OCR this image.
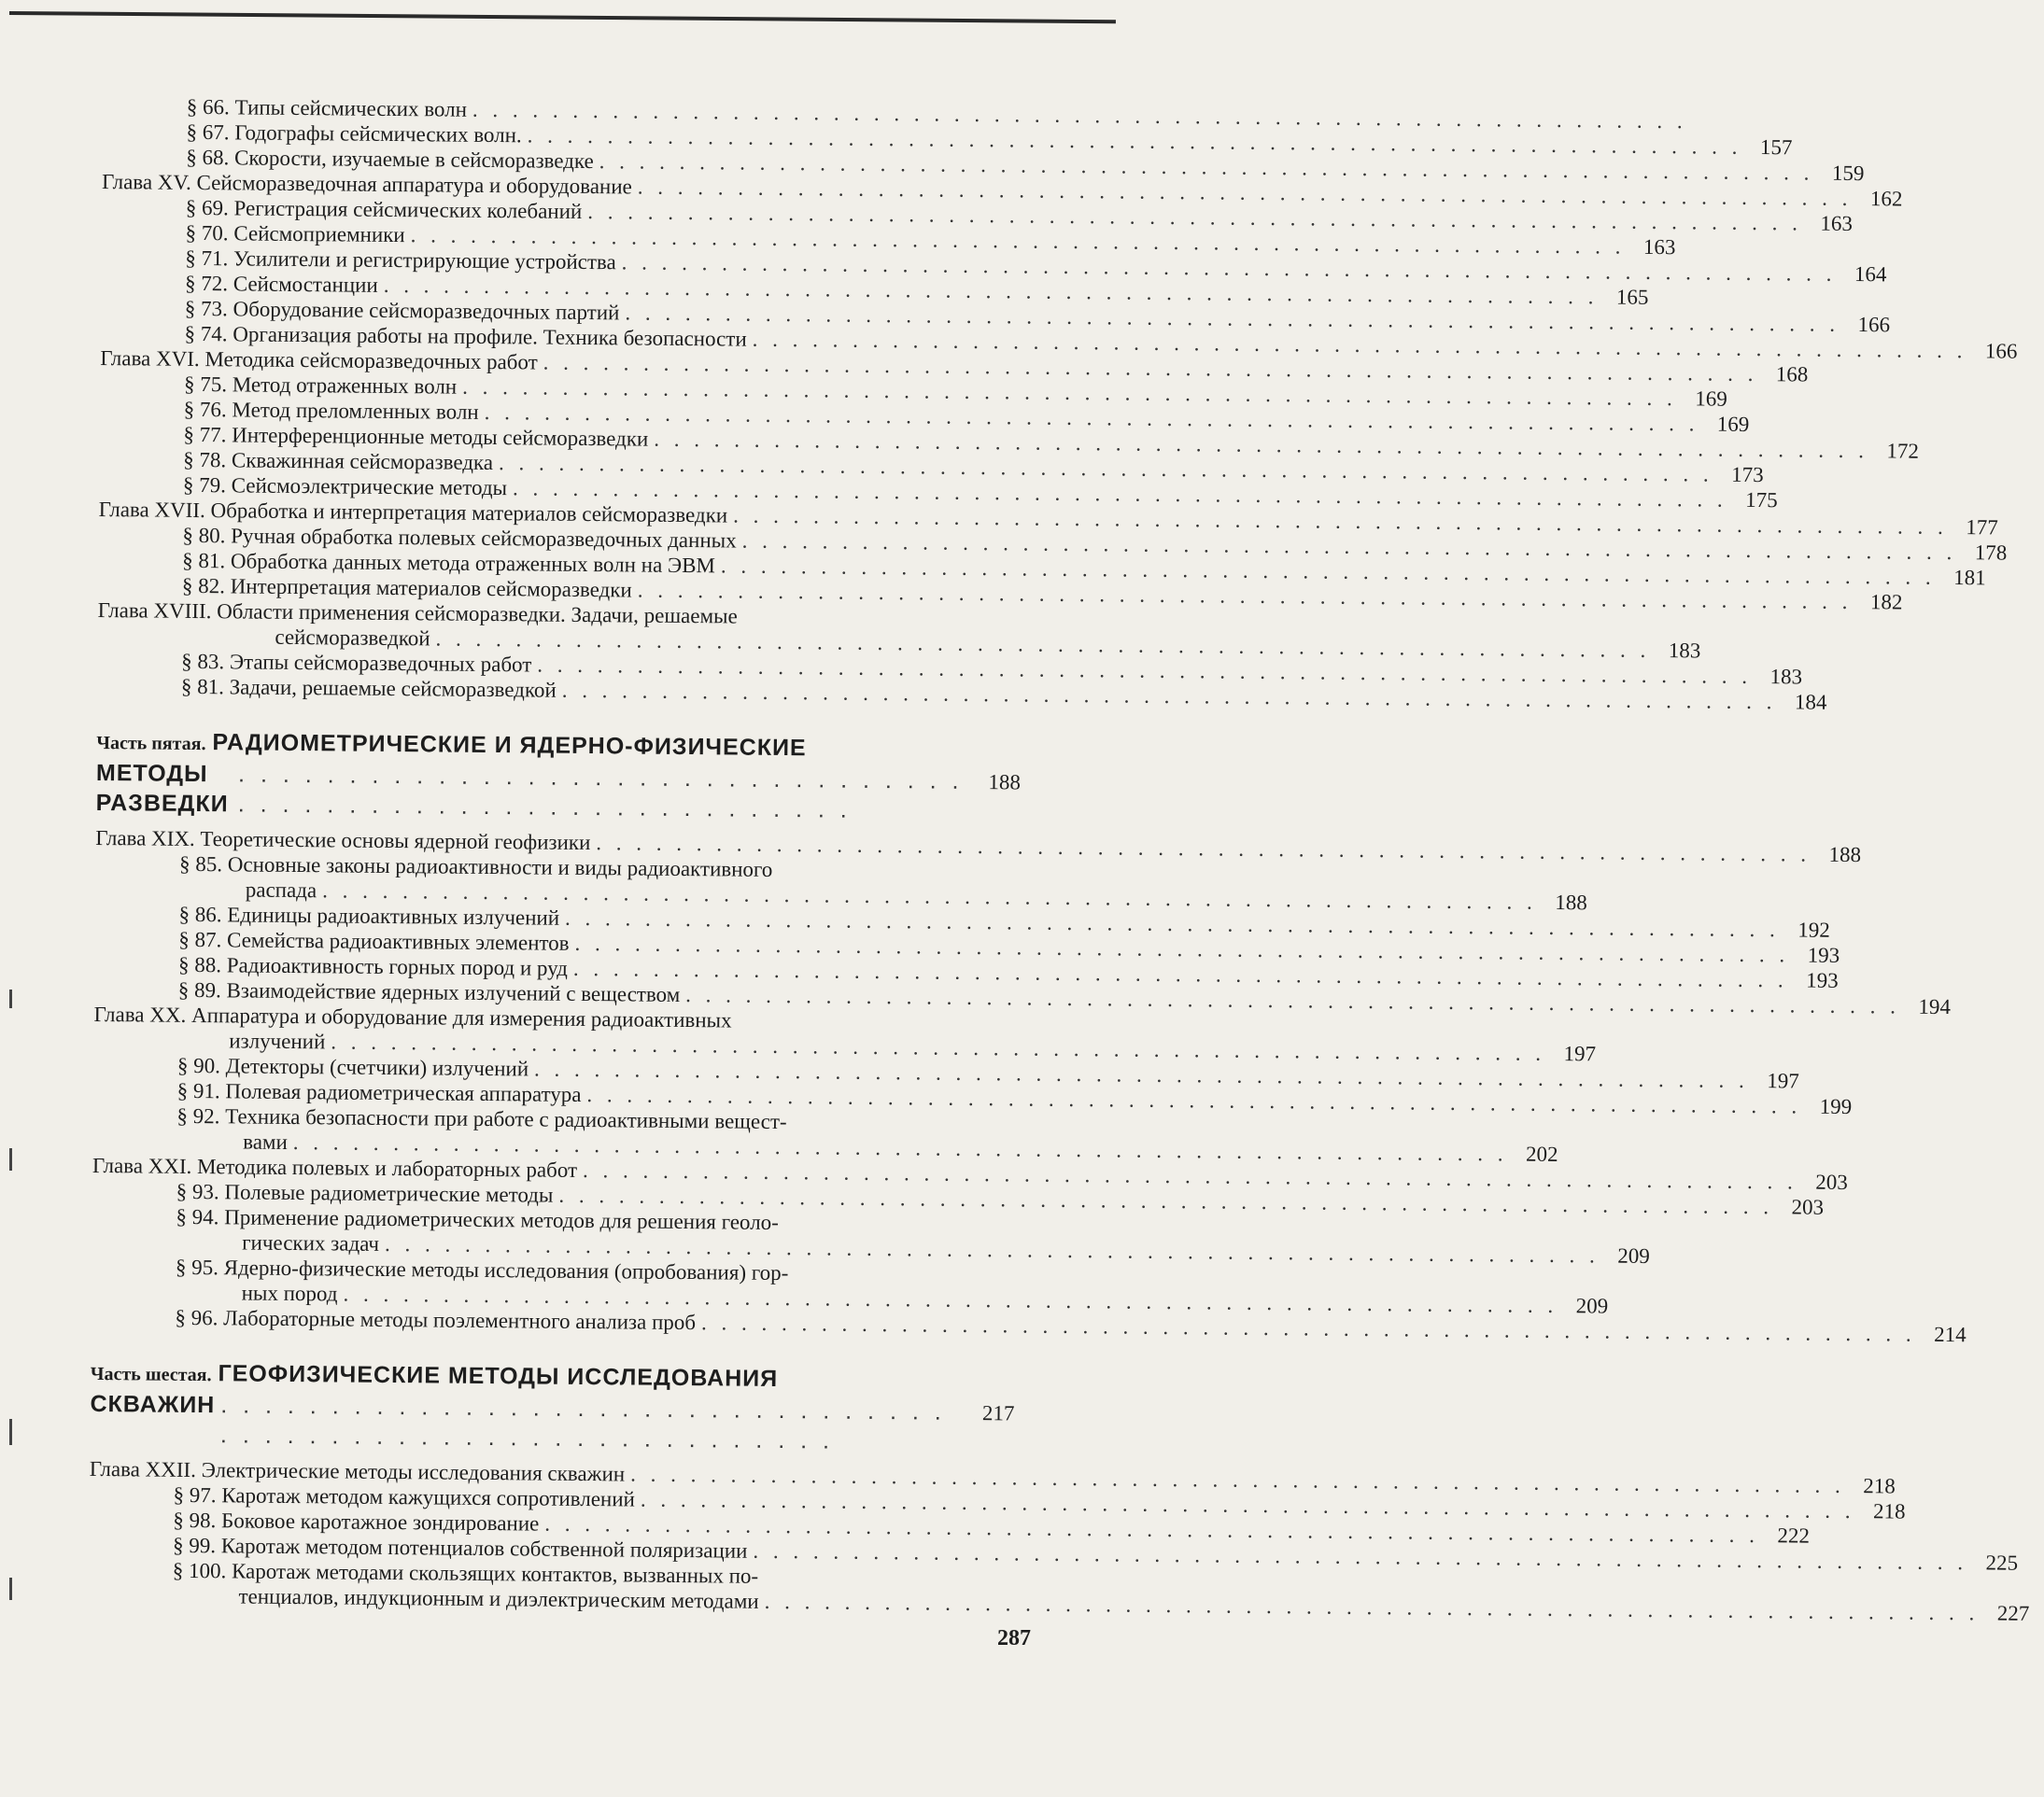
§ 66. Типы сейсмических волн
. . .
§ 67. Годографы сейсмических волн.
. . .
157
§ 68. Скорости, изучаемые в сейсморазведке
. . .
159
Глава XV. Сейсморазведочная аппаратура и оборудование
. . .
162
§ 69. Регистрация сейсмических колебаний
. . .
163
§ 70. Сейсмоприемники
. . .
163
§ 71. Усилители и регистрирующие устройства
. . .
164
§ 72. Сейсмостанции
. . .
165
§ 73. Оборудование сейсморазведочных партий
. . .
166
§ 74. Организация работы на профиле. Техника безопасности
. . .
166
Глава XVI. Методика сейсморазведочных работ
. . .
168
§ 75. Метод отраженных волн
. . .
169
§ 76. Метод преломленных волн
. . .
169
§ 77. Интерференционные методы сейсморазведки
. . .
172
§ 78. Скважинная сейсморазведка
. . .
173
§ 79. Сейсмоэлектрические методы
. . .
175
Глава XVII. Обработка и интерпретация материалов сейсморазведки
. . .
177
§ 80. Ручная обработка полевых сейсморазведочных данных
. . .
178
§ 81. Обработка данных метода отраженных волн на ЭВМ
. . .
181
§ 82. Интерпретация материалов сейсморазведки
. . .
182
Глава XVIII. Области применения сейсморазведки. Задачи, решаемые
сейсморазведкой
. . .
183
§ 83. Этапы сейсморазведочных работ
. . .
183
§ 81. Задачи, решаемые сейсморазведкой
. . .
184
Часть пятая. РАДИОМЕТРИЧЕСКИЕ И ЯДЕРНО-ФИЗИЧЕСКИЕ
МЕТОДЫ РАЗВЕДКИ
. . .
188
Глава XIX. Теоретические основы ядерной геофизики
. . .
188
§ 85. Основные законы радиоактивности и виды радиоактивного
распада
. . .
188
§ 86. Единицы радиоактивных излучений
. . .
192
§ 87. Семейства радиоактивных элементов
. . .
193
§ 88. Радиоактивность горных пород и руд
. . .
193
§ 89. Взаимодействие ядерных излучений с веществом
. . .
194
Глава XX. Аппаратура и оборудование для измерения радиоактивных
излучений
. . .
197
§ 90. Детекторы (счетчики) излучений
. . .
197
§ 91. Полевая радиометрическая аппаратура
. . .
199
§ 92. Техника безопасности при работе с радиоактивными вещест-
вами
. . .
202
Глава XXI. Методика полевых и лабораторных работ
. . .
203
§ 93. Полевые радиометрические методы
. . .
203
§ 94. Применение радиометрических методов для решения геоло-
гических задач
. . .
209
§ 95. Ядерно-физические методы исследования (опробования) гор-
ных пород
. . .
209
§ 96. Лабораторные методы поэлементного анализа проб
. . .
214
Часть шестая. ГЕОФИЗИЧЕСКИЕ МЕТОДЫ ИССЛЕДОВАНИЯ
СКВАЖИН
. . .	217
Глава XXII. Электрические методы исследования скважин
. . .
218
§ 97. Каротаж методом кажущихся сопротивлений
. . .
218
§ 98. Боковое каротажное зондирование
. . .
222
§ 99. Каротаж методом потенциалов собственной поляризации
. . .
225
§ 100. Каротаж методами скользящих контактов, вызванных по-
тенциалов, индукционным и диэлектрическим методами
. . .
227
287
